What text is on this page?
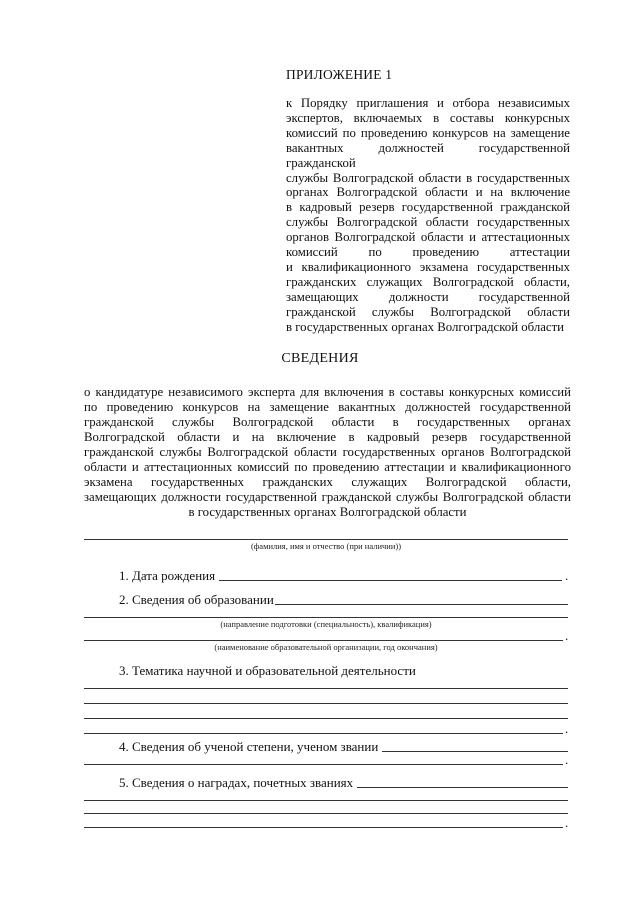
ПРИЛОЖЕНИЕ 1
к Порядку приглашения и отбора независимых
экспертов, включаемых в составы конкурсных
комиссий по проведению конкурсов на замещение
вакантных должностей государственной гражданской
службы Волгоградской области в государственных
органах Волгоградской области и на включение
в кадровый резерв государственной гражданской
службы Волгоградской области государственных
органов Волгоградской области и аттестационных
комиссий по проведению аттестации
и квалификационного экзамена государственных
гражданских служащих Волгоградской области,
замещающих должности государственной
гражданской службы Волгоградской области
в государственных органах Волгоградской области
СВЕДЕНИЯ
о кандидатуре независимого эксперта для включения в составы конкурсных комиссий
по проведению конкурсов на замещение вакантных должностей государственной
гражданской службы Волгоградской области в государственных органах
Волгоградской области и на включение в кадровый резерв государственной
гражданской службы Волгоградской области государственных органов Волгоградской
области и аттестационных комиссий по проведению аттестации и квалификационного
экзамена государственных гражданских служащих Волгоградской области,
замещающих должности государственной гражданской службы Волгоградской области
в государственных органах Волгоградской области
(фамилия, имя и отчество (при наличии))
1. Дата рождения	.
2. Сведения об образовании
(направление подготовки (специальность), квалификация)
.
(наименование образовательной организации, год окончания)
3. Тематика научной и образовательной деятельности
.
4. Сведения об ученой степени, ученом звании
.
5. Сведения о наградах, почетных званиях
.
